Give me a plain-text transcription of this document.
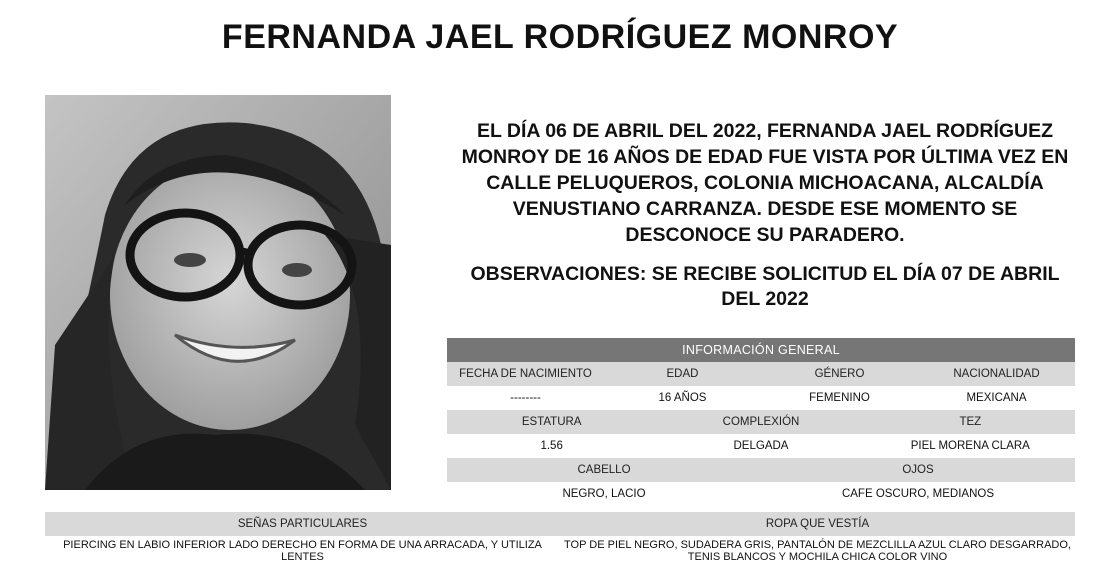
FERNANDA JAEL RODRÍGUEZ MONROY
EL DÍA 06 DE ABRIL DEL 2022, FERNANDA JAEL RODRÍGUEZ MONROY DE 16 AÑOS DE EDAD FUE VISTA POR ÚLTIMA VEZ EN CALLE PELUQUEROS, COLONIA MICHOACANA, ALCALDÍA VENUSTIANO CARRANZA. DESDE ESE MOMENTO SE DESCONOCE SU PARADERO.
OBSERVACIONES: SE RECIBE SOLICITUD EL DÍA 07 DE ABRIL DEL 2022
INFORMACIÓN GENERAL
FECHA DE NACIMIENTO	EDAD	GÉNERO	NACIONALIDAD
--------	16 AÑOS	FEMENINO	MEXICANA
ESTATURA	COMPLEXIÓN	TEZ
1.56	DELGADA	PIEL MORENA CLARA
CABELLO	OJOS
NEGRO, LACIO	CAFE OSCURO, MEDIANOS
SEÑAS PARTICULARES	ROPA QUE VESTÍA
PIERCING EN LABIO INFERIOR LADO DERECHO EN FORMA DE UNA ARRACADA, Y UTILIZA LENTES
TOP DE PIEL NEGRO, SUDADERA GRIS, PANTALÓN DE MEZCLILLA AZUL CLARO DESGARRADO, TENIS BLANCOS Y MOCHILA CHICA COLOR VINO
